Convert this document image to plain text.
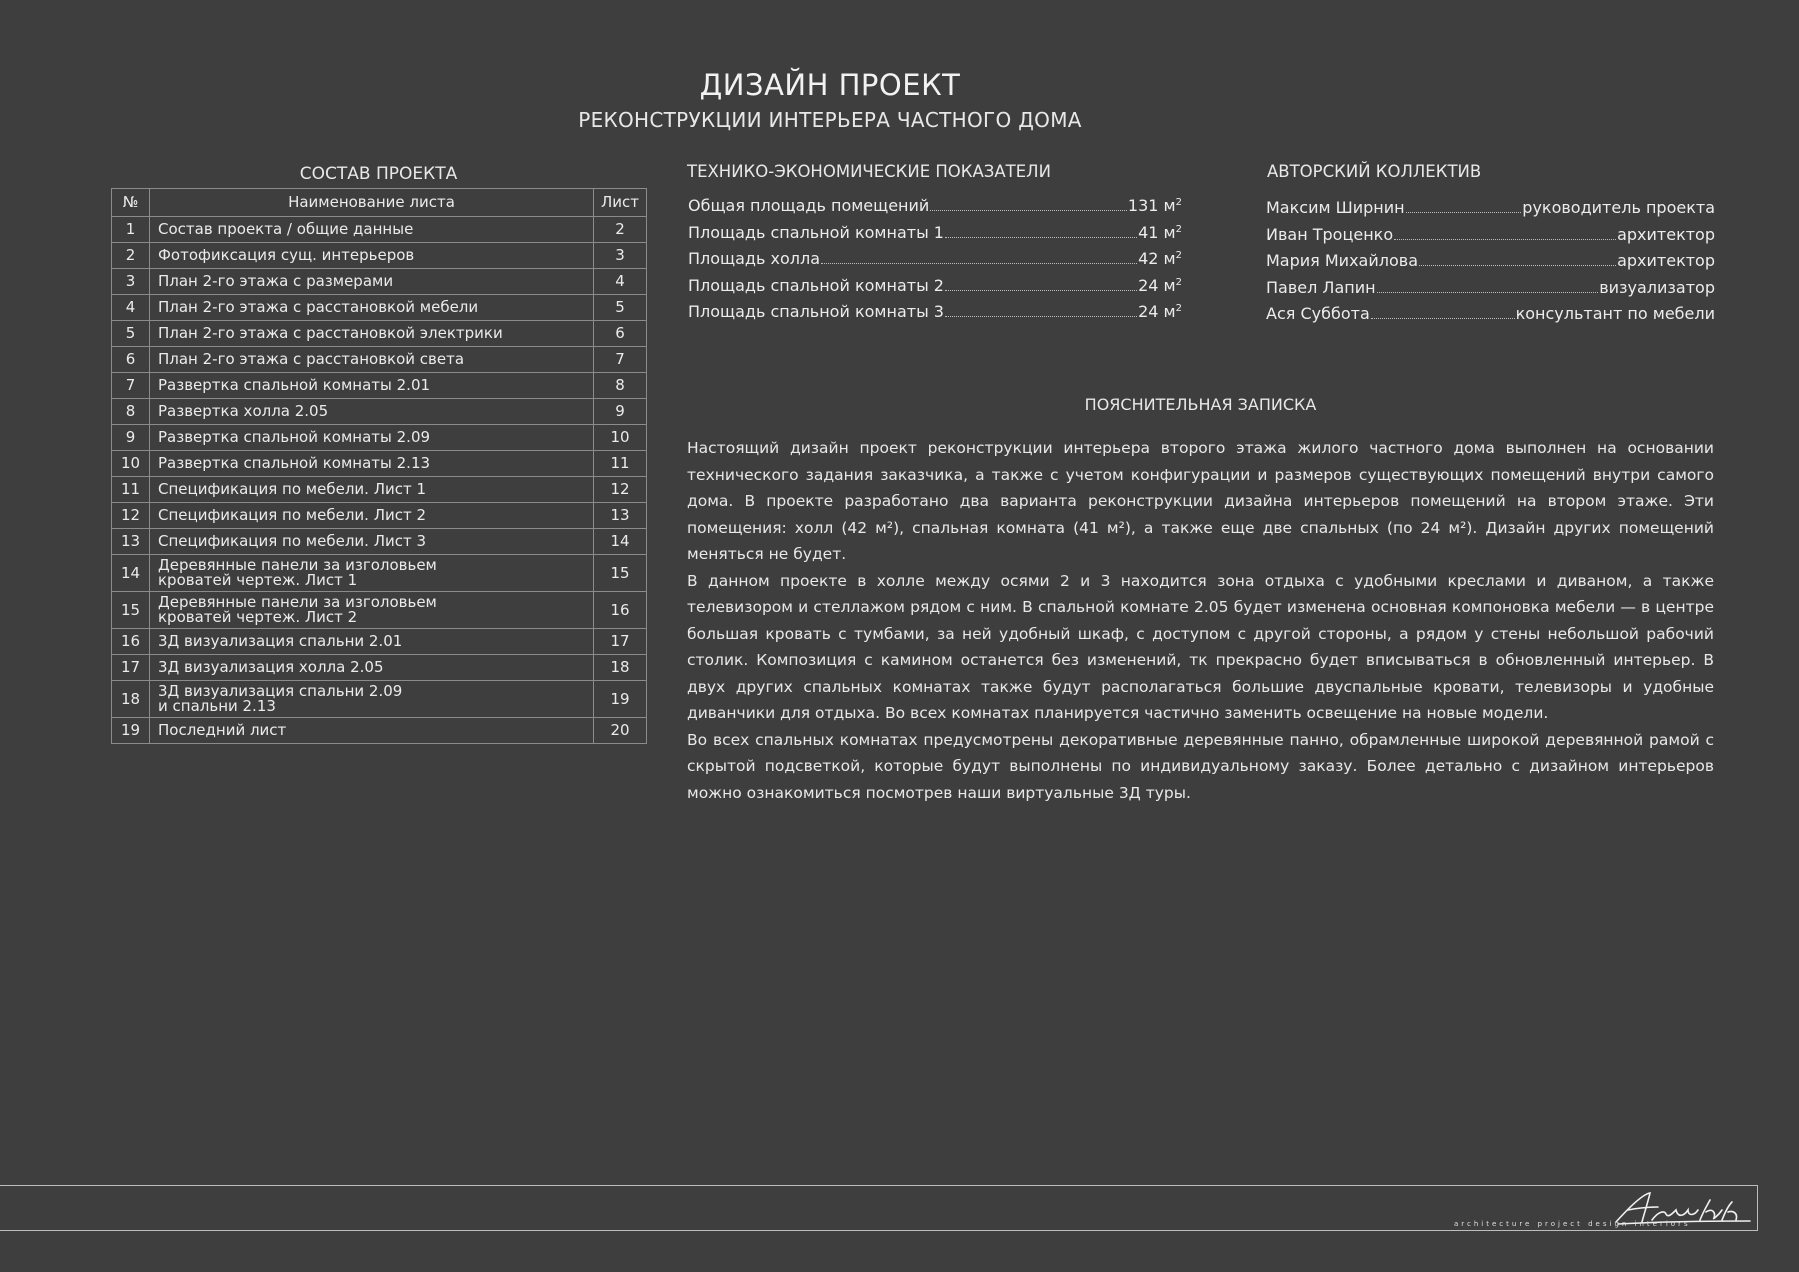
ДИЗАЙН ПРОЕКТ
РЕКОНСТРУКЦИИ ИНТЕРЬЕРА ЧАСТНОГО ДОМА
СОСТАВ ПРОЕКТА
№	Наименование листа	Лист
1	Состав проекта / общие данные	2
2	Фотофиксация сущ. интерьеров	3
3	План 2-го этажа с размерами	4
4	План 2-го этажа с расстановкой мебели	5
5	План 2-го этажа с расстановкой электрики	6
6	План 2-го этажа с расстановкой света	7
7	Развертка спальной комнаты 2.01	8
8	Развертка холла 2.05	9
9	Развертка спальной комнаты 2.09	10
10	Развертка спальной комнаты 2.13	11
11	Спецификация по мебели. Лист 1	12
12	Спецификация по мебели. Лист 2	13
13	Спецификация по мебели. Лист 3	14
14	Деревянные панели за изголовьем
кроватей чертеж. Лист 1	15
15	Деревянные панели за изголовьем
кроватей чертеж. Лист 2	16
16	3Д визуализация спальни 2.01	17
17	3Д визуализация холла 2.05	18
18	3Д визуализация спальни 2.09
и спальни 2.13	19
19	Последний лист	20
ТЕХНИКО-ЭКОНОМИЧЕСКИЕ ПОКАЗАТЕЛИ
Общая площадь помещений	131 $м^2$
Площадь спальной комнаты 1	41 $м^2$
Площадь холла	42 $м^2$
Площадь спальной комнаты 2	24 $м^2$
Площадь спальной комнаты 3	24 $м^2$
АВТОРСКИЙ КОЛЛЕКТИВ
Максим Ширнин	руководитель проекта
Иван Троценко	архитектор
Мария Михайлова	архитектор
Павел Лапин	визуализатор
Ася Суббота	консультант по мебели
ПОЯСНИТЕЛЬНАЯ ЗАПИСКА

Настоящий дизайн проект реконструкции интерьера второго этажа жилого частного дома выполнен на основании технического задания заказчика, а также с учетом конфигурации и размеров существующих помещений внутри самого дома. В проекте разработано два варианта реконструкции дизайна интерьеров помещений на втором этаже. Эти помещения: холл (42 м²), спальная комната (41 м²), а также еще две спальных (по 24 м²). Дизайн других помещений меняться не будет.

В данном проекте в холле между осями 2 и 3 находится зона отдыха с удобными креслами и диваном, а также телевизором и стеллажом рядом с ним. В спальной комнате 2.05 будет изменена основная компоновка мебели — в центре большая кровать с тумбами, за ней удобный шкаф, с доступом с другой стороны, а рядом у стены небольшой рабочий столик. Композиция с камином останется без изменений, тк прекрасно будет вписываться в обновленный интерьер. В двух других спальных комнатах также будут располагаться большие двуспальные кровати, телевизоры и удобные диванчики для отдыха. Во всех комнатах планируется частично заменить освещение на новые модели.

Во всех спальных комнатах предусмотрены декоративные деревянные панно, обрамленные широкой деревянной рамой с скрытой подсветкой, которые будут выполнены по индивидуальному заказу. Более детально с дизайном интерьеров можно ознакомиться посмотрев наши виртуальные 3Д туры.

architecture project design interiors
